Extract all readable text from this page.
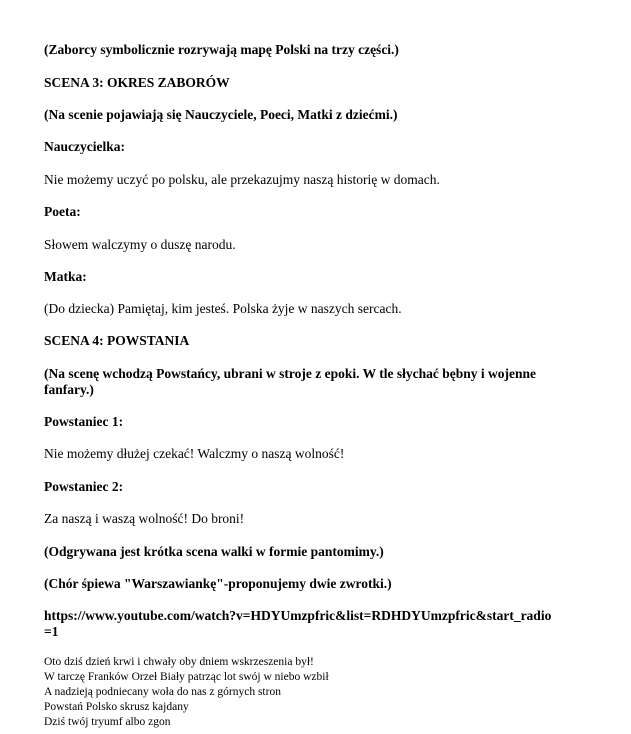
(Zaborcy symbolicznie rozrywają mapę Polski na trzy części.)

SCENA 3: OKRES ZABORÓW

(Na scenie pojawiają się Nauczyciele, Poeci, Matki z dziećmi.)

Nauczycielka:

Nie możemy uczyć po polsku, ale przekazujmy naszą historię w domach.

Poeta:

Słowem walczymy o duszę narodu.

Matka:

(Do dziecka) Pamiętaj, kim jesteś. Polska żyje w naszych sercach.

SCENA 4: POWSTANIA

(Na scenę wchodzą Powstańcy, ubrani w stroje z epoki. W tle słychać bębny i wojenne

fanfary.)

Powstaniec 1:

Nie możemy dłużej czekać! Walczmy o naszą wolność!

Powstaniec 2:

Za naszą i waszą wolność! Do broni!

(Odgrywana jest krótka scena walki w formie pantomimy.)

(Chór śpiewa "Warszawiankę"-proponujemy dwie zwrotki.)

https://www.youtube.com/watch?v=HDYUmzpfric&list=RDHDYUmzpfric&start_radio

=1

Oto dziś dzień krwi i chwały oby dniem wskrzeszenia był!
W tarczę Franków Orzeł Biały patrząc lot swój w niebo wzbił
A nadzieją podniecany woła do nas z górnych stron
Powstań Polsko skrusz kajdany
Dziś twój tryumf albo zgon
